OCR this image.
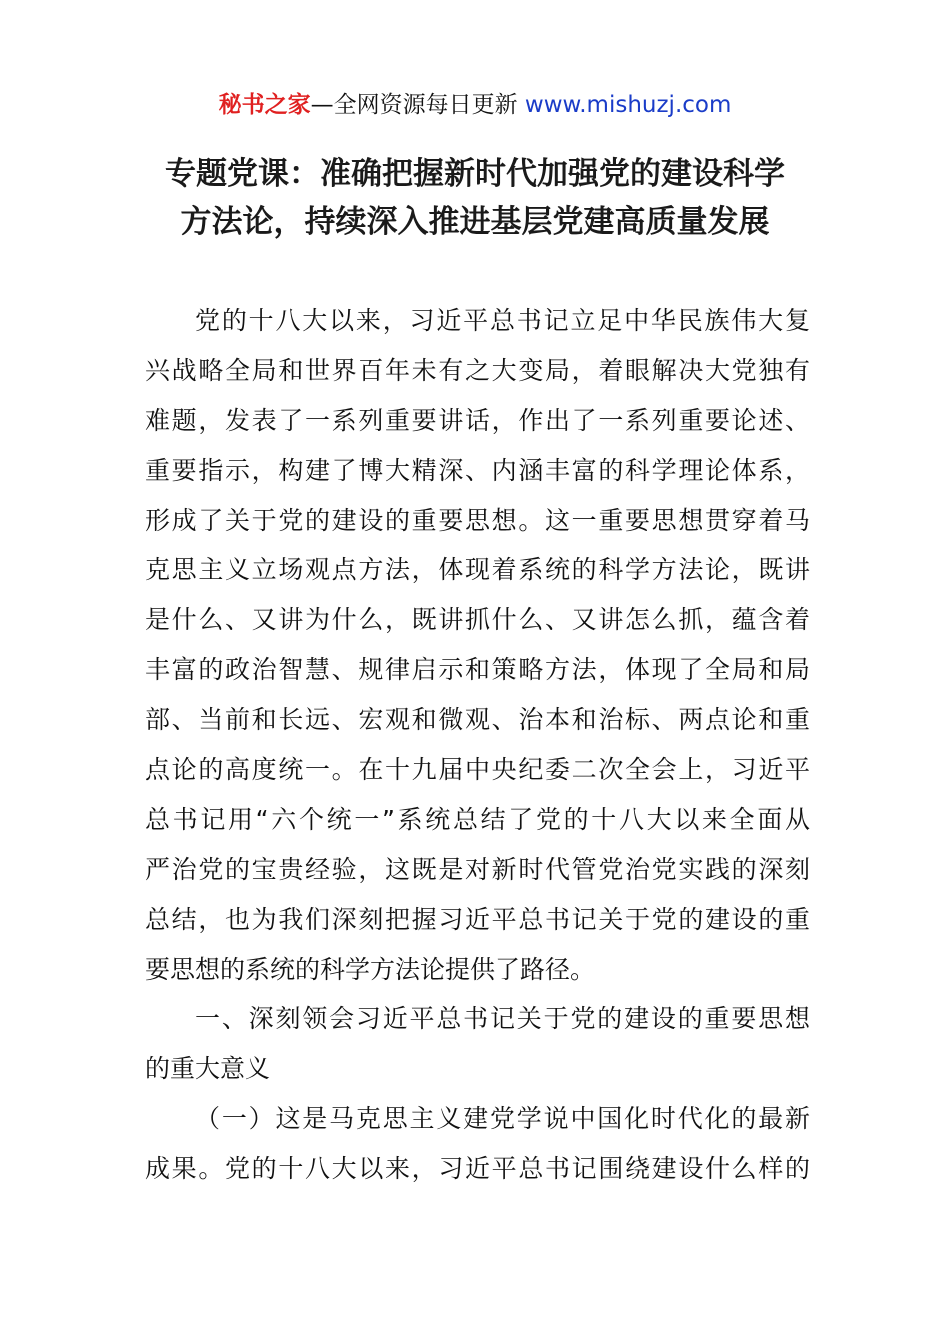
秘书之家—全网资源每日更新 www.mishuzj.com
专题党课：准确把握新时代加强党的建设科学
方法论，持续深入推进基层党建高质量发展
党的十八大以来，习近平总书记立足中华民族伟大复
兴战略全局和世界百年未有之大变局，着眼解决大党独有
难题，发表了一系列重要讲话，作出了一系列重要论述、
重要指示，构建了博大精深、内涵丰富的科学理论体系，
形成了关于党的建设的重要思想。这一重要思想贯穿着马
克思主义立场观点方法，体现着系统的科学方法论，既讲
是什么、又讲为什么，既讲抓什么、又讲怎么抓，蕴含着
丰富的政治智慧、规律启示和策略方法，体现了全局和局
部、当前和长远、宏观和微观、治本和治标、两点论和重
点论的高度统一。在十九届中央纪委二次全会上，习近平
总书记用“六个统一”系统总结了党的十八大以来全面从
严治党的宝贵经验，这既是对新时代管党治党实践的深刻
总结，也为我们深刻把握习近平总书记关于党的建设的重
要思想的系统的科学方法论提供了路径。
一、深刻领会习近平总书记关于党的建设的重要思想
的重大意义
（一）这是马克思主义建党学说中国化时代化的最新
成果。党的十八大以来，习近平总书记围绕建设什么样的
